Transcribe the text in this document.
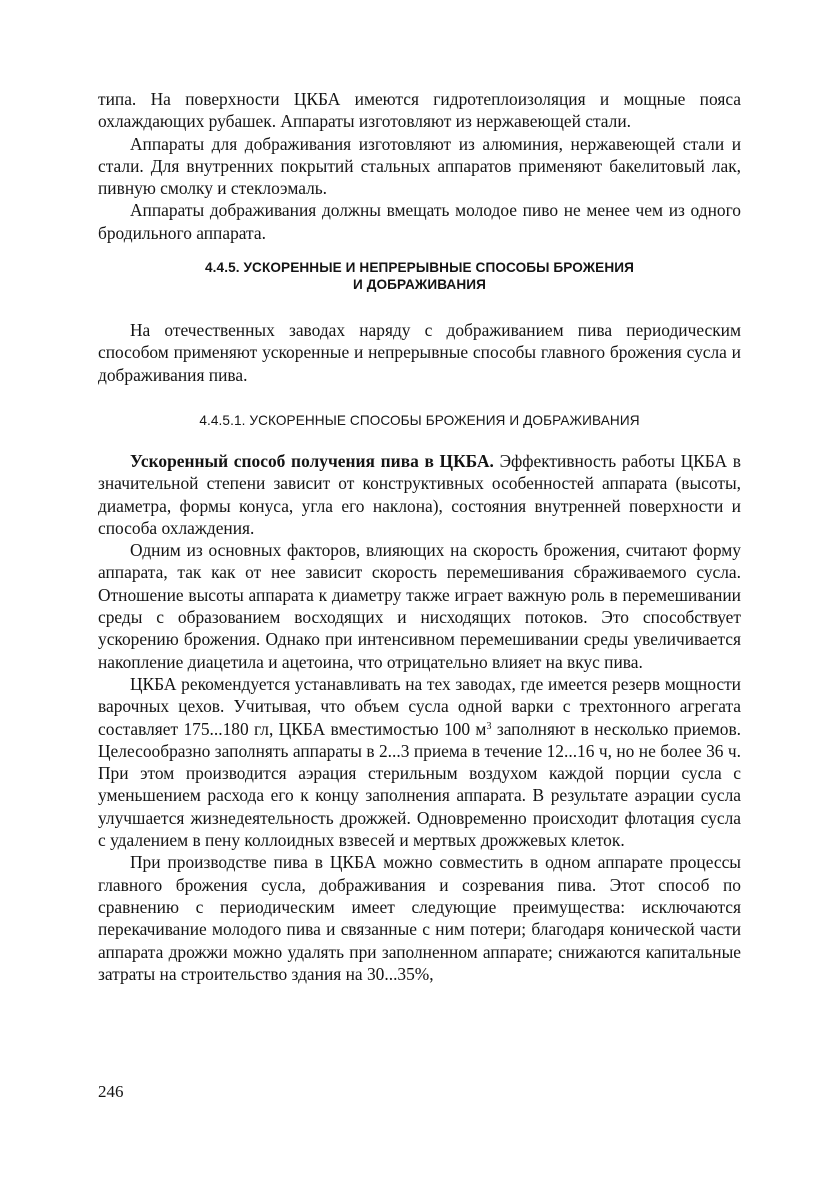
типа. На поверхности ЦКБА имеются гидротеплоизоляция и мощные пояса охлаждающих рубашек. Аппараты изготовляют из нержавеющей стали.

Аппараты для дображивания изготовляют из алюминия, нержавеющей стали и стали. Для внутренних покрытий стальных аппаратов применяют бакелитовый лак, пивную смолку и стеклоэмаль.

Аппараты дображивания должны вмещать молодое пиво не менее чем из одного бродильного аппарата.

4.4.5. УСКОРЕННЫЕ И НЕПРЕРЫВНЫЕ СПОСОБЫ БРОЖЕНИЯ
И ДОБРАЖИВАНИЯ

На отечественных заводах наряду с дображиванием пива периодическим способом применяют ускоренные и непрерывные способы главного брожения сусла и дображивания пива.

4.4.5.1. УСКОРЕННЫЕ СПОСОБЫ БРОЖЕНИЯ И ДОБРАЖИВАНИЯ

Ускоренный способ получения пива в ЦКБА. Эффективность работы ЦКБА в значительной степени зависит от конструктивных особенностей аппарата (высоты, диаметра, формы конуса, угла его наклона), состояния внутренней поверхности и способа охлаждения.

Одним из основных факторов, влияющих на скорость брожения, считают форму аппарата, так как от нее зависит скорость перемешивания сбраживаемого сусла. Отношение высоты аппарата к диаметру также играет важную роль в перемешивании среды с образованием восходящих и нисходящих потоков. Это способствует ускорению брожения. Однако при интенсивном перемешивании среды увеличивается накопление диацетила и ацетоина, что отрицательно влияет на вкус пива.

ЦКБА рекомендуется устанавливать на тех заводах, где имеется резерв мощности варочных цехов. Учитывая, что объем сусла одной варки с трехтонного агрегата составляет 175...180 гл, ЦКБА вместимостью 100 $м^3$ заполняют в несколько приемов. Целесообразно заполнять аппараты в 2...3 приема в течение 12...16 ч, но не более 36 ч. При этом производится аэрация стерильным воздухом каждой порции сусла с уменьшением расхода его к концу заполнения аппарата. В результате аэрации сусла улучшается жизнедеятельность дрожжей. Одновременно происходит флотация сусла с удалением в пену коллоидных взвесей и мертвых дрожжевых клеток.

При производстве пива в ЦКБА можно совместить в одном аппарате процессы главного брожения сусла, дображивания и созревания пива. Этот способ по сравнению с периодическим имеет следующие преимущества: исключаются перекачивание молодого пива и связанные с ним потери; благодаря конической части аппарата дрожжи можно удалять при заполненном аппарате; снижаются капитальные затраты на строительство здания на 30...35%,

246
